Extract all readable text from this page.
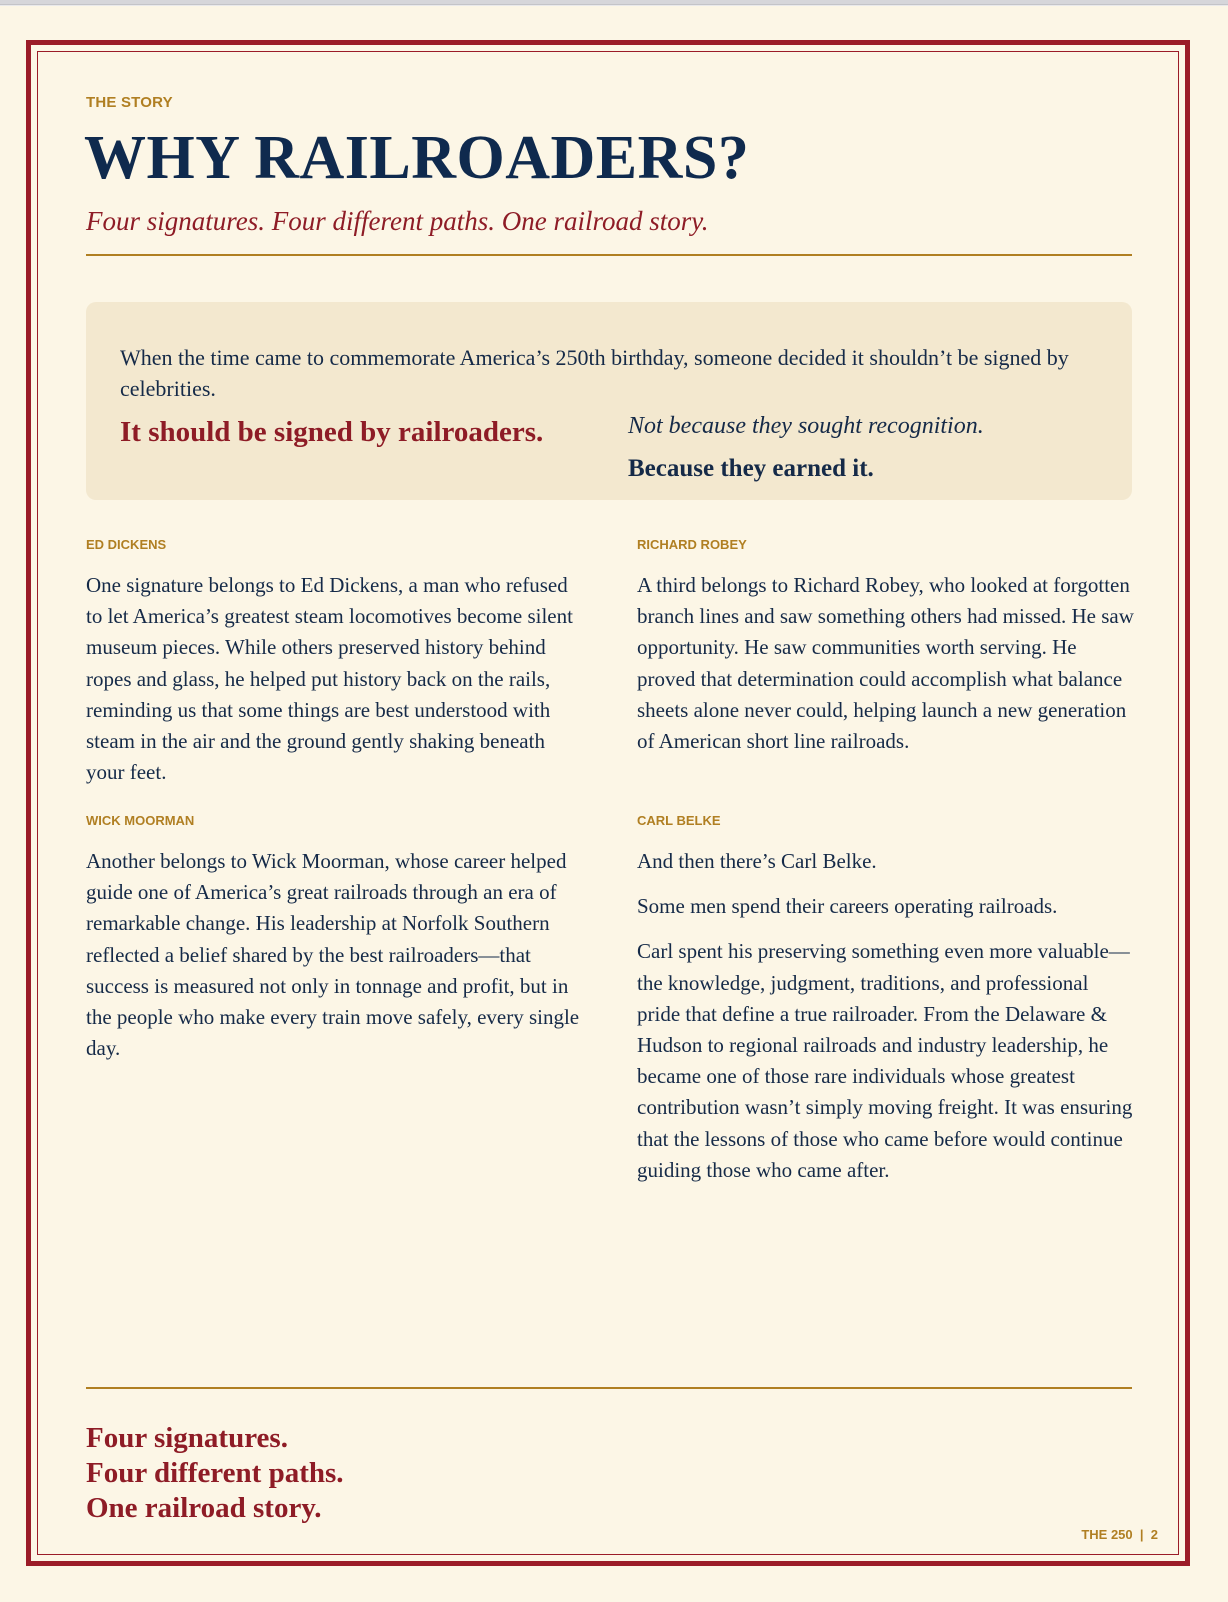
THE STORY

WHY RAILROADERS?

Four signatures. Four different paths. One railroad story.

When the time came to commemorate America’s 250th birthday, someone decided it shouldn’t be signed by celebrities.

It should be signed by railroaders.	Not because they sought recognition.

Because they earned it.

ED DICKENS

One signature belongs to Ed Dickens, a man who refused to let America’s greatest steam locomotives become silent museum pieces. While others preserved history behind ropes and glass, he helped put history back on the rails, reminding us that some things are best understood with steam in the air and the ground gently shaking beneath your feet.

RICHARD ROBEY

A third belongs to Richard Robey, who looked at forgotten branch lines and saw something others had missed. He saw opportunity. He saw communities worth serving. He proved that determination could accomplish what balance sheets alone never could, helping launch a new generation of American short line railroads.

WICK MOORMAN

Another belongs to Wick Moorman, whose career helped guide one of America’s great railroads through an era of remarkable change. His leadership at Norfolk Southern reflected a belief shared by the best railroaders—that success is measured not only in tonnage and profit, but in the people who make every train move safely, every single day.

CARL BELKE

And then there’s Carl Belke.

Some men spend their careers operating railroads.

Carl spent his preserving something even more valuable—the knowledge, judgment, traditions, and professional pride that define a true railroader. From the Delaware & Hudson to regional railroads and industry leadership, he became one of those rare individuals whose greatest contribution wasn’t simply moving freight. It was ensuring that the lessons of those who came before would continue guiding those who came after.

Four signatures.
Four different paths.
One railroad story.

THE 250 | 2
